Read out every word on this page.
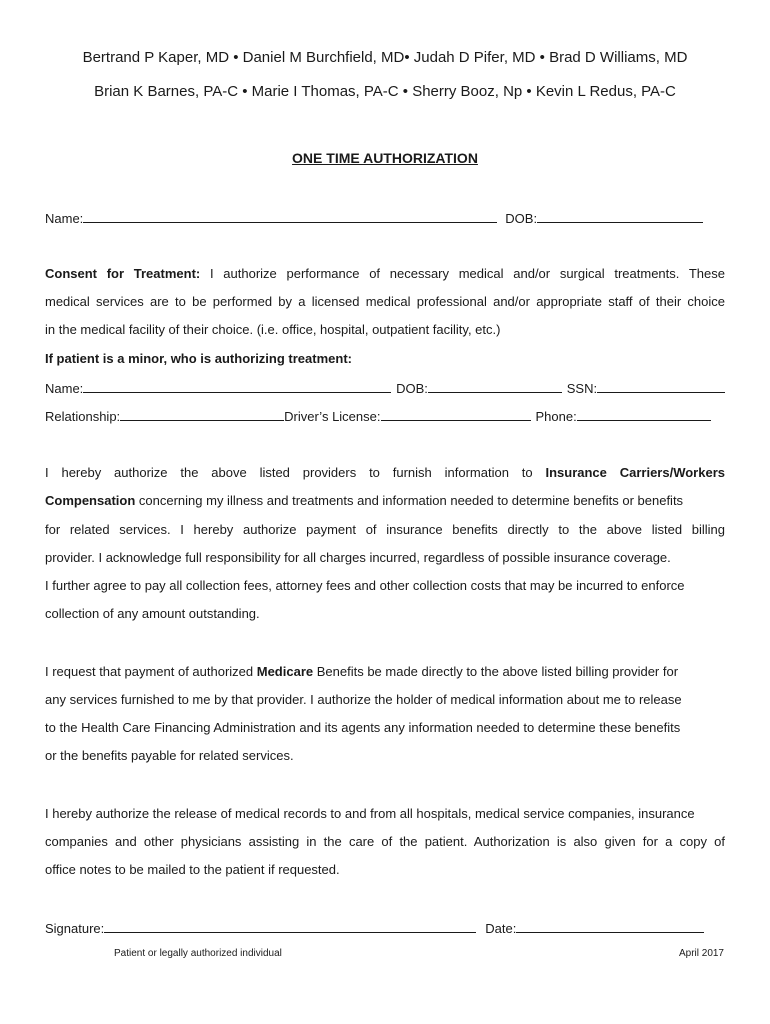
Bertrand P Kaper, MD • Daniel M Burchfield, MD• Judah D Pifer, MD • Brad D Williams, MD
Brian K Barnes, PA-C • Marie I Thomas, PA-C • Sherry Booz, Np • Kevin L Redus, PA-C
ONE TIME AUTHORIZATION
Name:	DOB:
Consent for Treatment: I authorize performance of necessary medical and/or surgical treatments. These
medical services are to be performed by a licensed medical professional and/or appropriate staff of their choice
in the medical facility of their choice. (i.e. office, hospital, outpatient facility, etc.)
If patient is a minor, who is authorizing treatment:
Name:	DOB:	SSN:
Relationship:	Driver’s License:	Phone:
I hereby authorize the above listed providers to furnish information to Insurance Carriers/Workers
Compensation concerning my illness and treatments and information needed to determine benefits or benefits
for related services. I hereby authorize payment of insurance benefits directly to the above listed billing
provider. I acknowledge full responsibility for all charges incurred, regardless of possible insurance coverage.
I further agree to pay all collection fees, attorney fees and other collection costs that may be incurred to enforce
collection of any amount outstanding.
I request that payment of authorized Medicare Benefits be made directly to the above listed billing provider for
any services furnished to me by that provider. I authorize the holder of medical information about me to release
to the Health Care Financing Administration and its agents any information needed to determine these benefits
or the benefits payable for related services.
I hereby authorize the release of medical records to and from all hospitals, medical service companies, insurance
companies and other physicians assisting in the care of the patient. Authorization is also given for a copy of
office notes to be mailed to the patient if requested.
Signature:	Date:
Patient or legally authorized individual	April 2017
